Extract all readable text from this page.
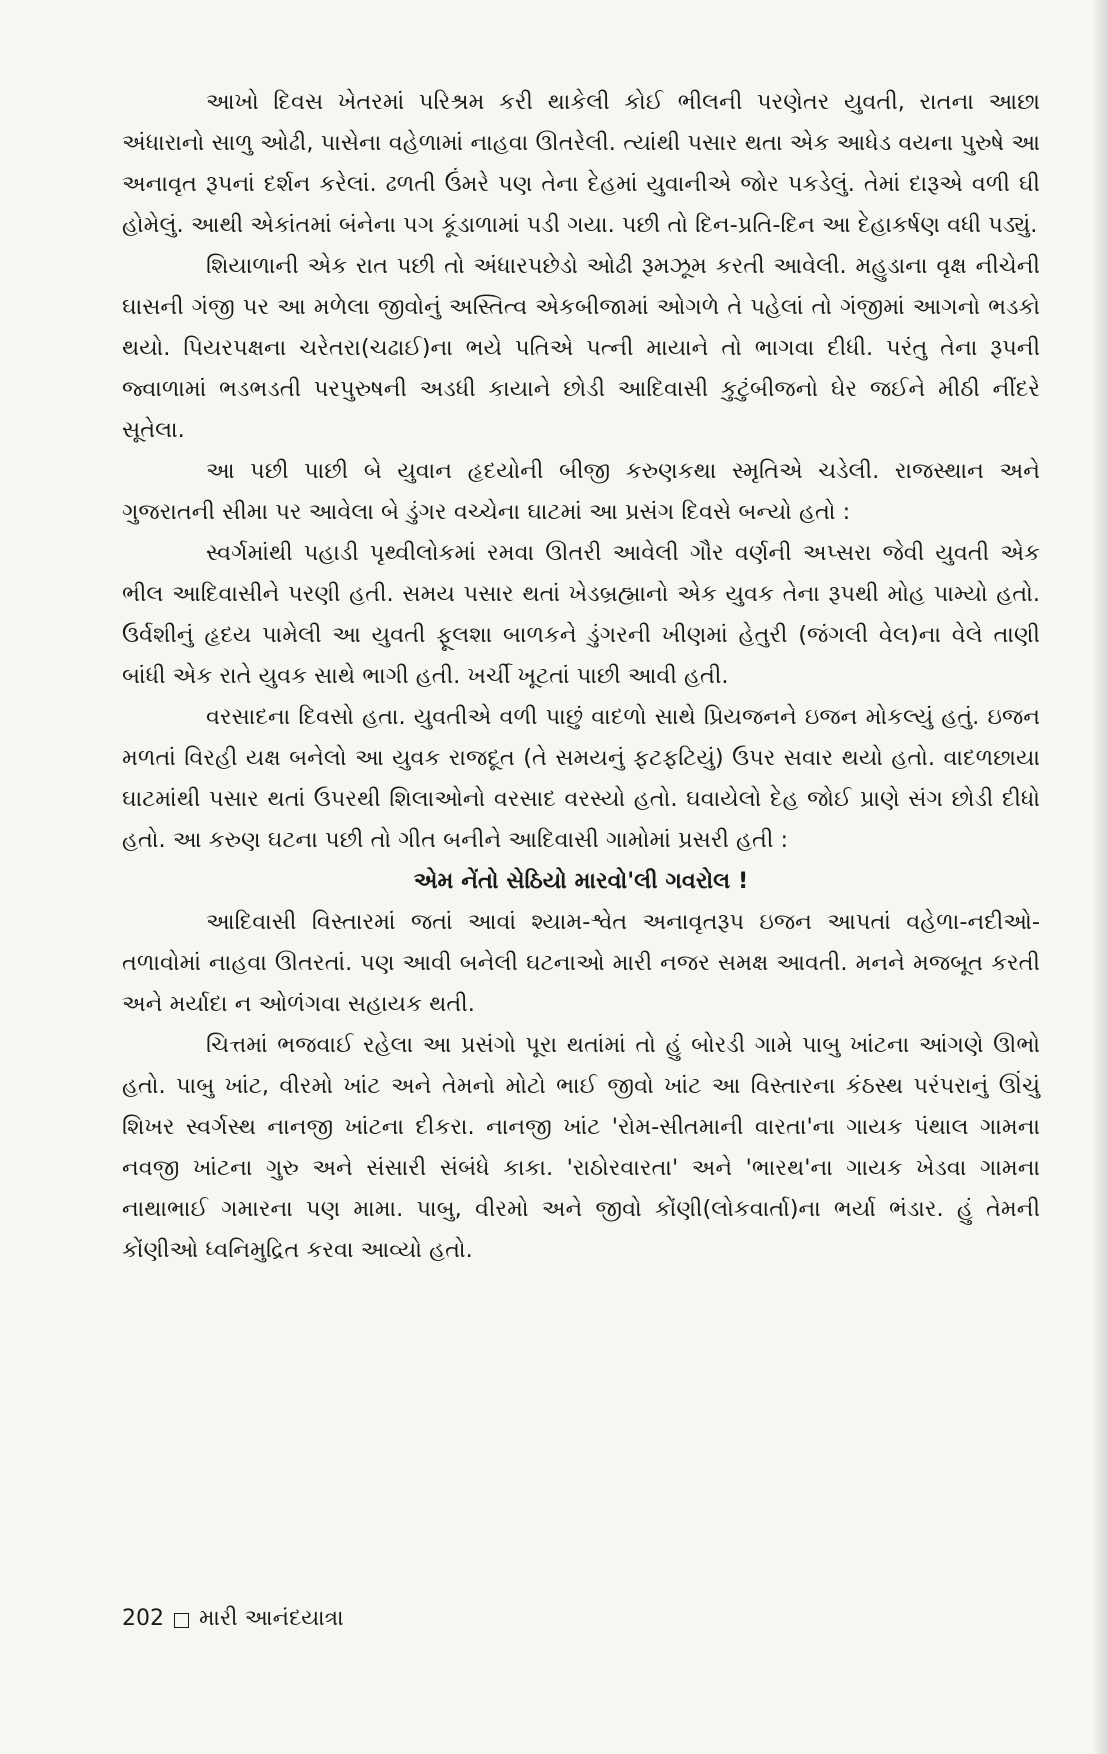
આખો દિવસ ખેતરમાં પરિશ્રમ કરી થાકેલી કોઈ ભીલની પરણેતર યુવતી, રાતના આછા અંધારાનો સાળુ ઓઢી, પાસેના વહેળામાં નાહવા ઊતરેલી. ત્યાંથી પસાર થતા એક આધેડ વયના પુરુષે આ અનાવૃત રૂપનાં દર્શન કરેલાં. ઢળતી ઉંમરે પણ તેના દેહમાં યુવાનીએ જોર પકડેલું. તેમાં દારૂએ વળી ઘી હોમેલું. આથી એકાંતમાં બંનેના પગ કૂંડાળામાં પડી ગયા. પછી તો દિન-પ્રતિ-દિન આ દેહાકર્ષણ વધી પડ્યું.

શિયાળાની એક રાત પછી તો અંધારપછેડો ઓઢી રૂમઝૂમ કરતી આવેલી. મહુડાના વૃક્ષ નીચેની ઘાસની ગંજી પર આ મળેલા જીવોનું અસ્તિત્વ એકબીજામાં ઓગળે તે પહેલાં તો ગંજીમાં આગનો ભડકો થયો. પિયરપક્ષના ચરેતરા(ચઢાઈ)ના ભયે પતિએ પત્ની માયાને તો ભાગવા દીધી. પરંતુ તેના રૂપની જ્વાળામાં ભડભડતી પરપુરુષની અડધી કાયાને છોડી આદિવાસી કુટુંબીજનો ઘેર જઈને મીઠી નીંદરે સૂતેલા.

આ પછી પાછી બે યુવાન હૃદયોની બીજી કરુણકથા સ્મૃતિએ ચડેલી. રાજસ્થાન અને ગુજરાતની સીમા પર આવેલા બે ડુંગર વચ્ચેના ઘાટમાં આ પ્રસંગ દિવસે બન્યો હતો :

સ્વર્ગમાંથી પહાડી પૃથ્વીલોકમાં રમવા ઊતરી આવેલી ગૌર વર્ણની અપ્સરા જેવી યુવતી એક ભીલ આદિવાસીને પરણી હતી. સમય પસાર થતાં ખેડબ્રહ્માનો એક યુવક તેના રૂપથી મોહ પામ્યો હતો. ઉર્વશીનું હૃદય પામેલી આ યુવતી ફૂલશા બાળકને ડુંગરની ખીણમાં હેતુરી (જંગલી વેલ)ના વેલે તાણી બાંધી એક રાતે યુવક સાથે ભાગી હતી. ખર્ચી ખૂટતાં પાછી આવી હતી.

વરસાદના દિવસો હતા. યુવતીએ વળી પાછું વાદળો સાથે પ્રિયજનને ઇજન મોકલ્યું હતું. ઇજન મળતાં વિરહી યક્ષ બનેલો આ યુવક રાજદૂત (તે સમયનું ફટફટિયું) ઉપર સવાર થયો હતો. વાદળછાયા ઘાટમાંથી પસાર થતાં ઉપરથી શિલાઓનો વરસાદ વરસ્યો હતો. ઘવાયેલો દેહ જોઈ પ્રાણે સંગ છોડી દીધો હતો. આ કરુણ ઘટના પછી તો ગીત બનીને આદિવાસી ગામોમાં પ્રસરી હતી :

એમ નેંતો સેઠિયો મારવો'લી ગવરોલ !

આદિવાસી વિસ્તારમાં જતાં આવાં શ્યામ-શ્વેત અનાવૃતરૂપ ઇજન આપતાં વહેળા-નદીઓ-તળાવોમાં નાહવા ઊતરતાં. પણ આવી બનેલી ઘટનાઓ મારી નજર સમક્ષ આવતી. મનને મજબૂત કરતી અને મર્યાદા ન ઓળંગવા સહાયક થતી.

ચિત્તમાં ભજવાઈ રહેલા આ પ્રસંગો પૂરા થતાંમાં તો હું બોરડી ગામે પાબુ ખાંટના આંગણે ઊભો હતો. પાબુ ખાંટ, વીરમો ખાંટ અને તેમનો મોટો ભાઈ જીવો ખાંટ આ વિસ્તારના કંઠસ્થ પરંપરાનું ઊંચું શિખર સ્વર્ગસ્થ નાનજી ખાંટના દીકરા. નાનજી ખાંટ 'રોમ-સીતમાની વારતા'ના ગાયક પંથાલ ગામના નવજી ખાંટના ગુરુ અને સંસારી સંબંધે કાકા. 'રાઠોરવારતા' અને 'ભારથ'ના ગાયક ખેડવા ગામના નાથાભાઈ ગમારના પણ મામા. પાબુ, વીરમો અને જીવો કોંણી(લોકવાર્તા)ના ભર્યા ભંડાર. હું તેમની કોંણીઓ ધ્વનિમુદ્રિત કરવા આવ્યો હતો.

202 મારી આનંદયાત્રા
